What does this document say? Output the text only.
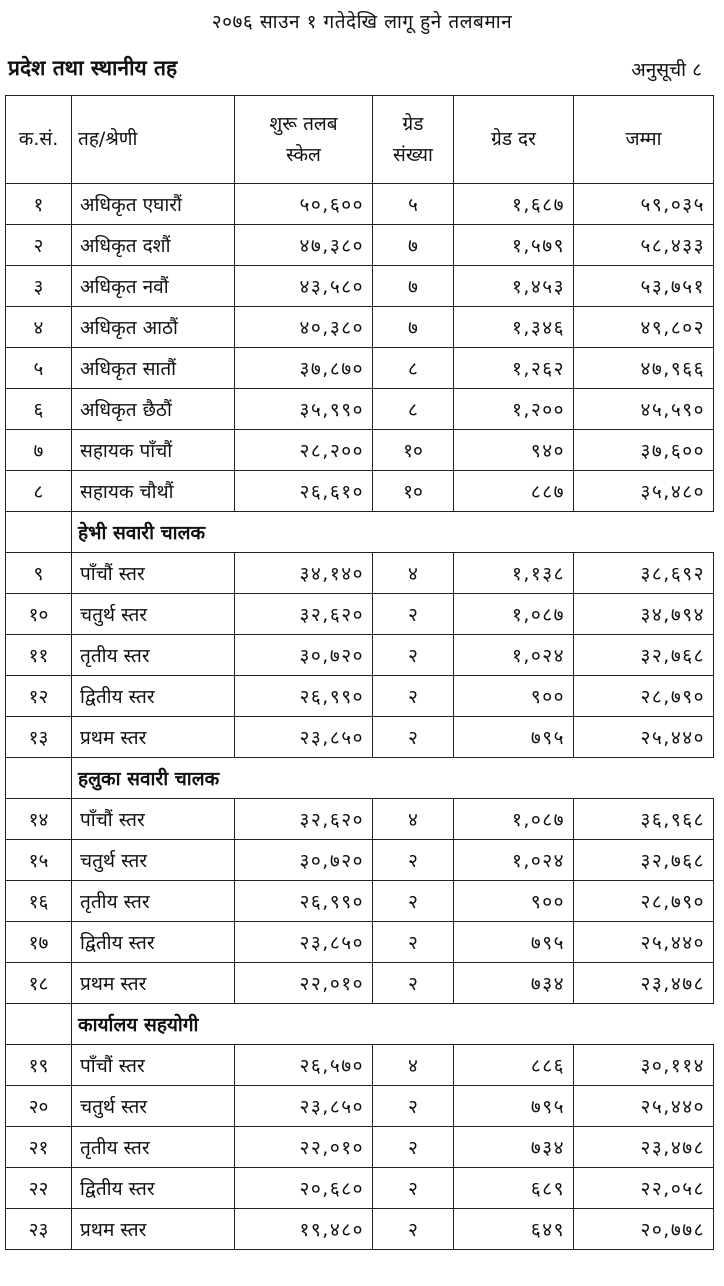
२०७६ साउन १ गतेदेखि लागू हुने तलबमान
प्रदेश तथा स्थानीय तह	अनुसूची ८
क.सं.	तह/श्रेणी	शुरू तलब स्केल	ग्रेड संख्या	ग्रेड दर	जम्मा
१	अधिकृत एघारौं	५०,६००	५	१,६८७	५९,०३५
२	अधिकृत दशौं	४७,३८०	७	१,५७९	५८,४३३
३	अधिकृत नवौं	४३,५८०	७	१,४५३	५३,७५१
४	अधिकृत आठौं	४०,३८०	७	१,३४६	४९,८०२
५	अधिकृत सातौं	३७,८७०	८	१,२६२	४७,९६६
६	अधिकृत छैठौं	३५,९९०	८	१,२००	४५,५९०
७	सहायक पाँचौं	२८,२००	१०	९४०	३७,६००
८	सहायक चौथौं	२६,६१०	१०	८८७	३५,४८०
	हेभी सवारी चालक				
९	पाँचौं स्तर	३४,१४०	४	१,१३८	३८,६९२
१०	चतुर्थ स्तर	३२,६२०	२	१,०८७	३४,७९४
११	तृतीय स्तर	३०,७२०	२	१,०२४	३२,७६८
१२	द्वितीय स्तर	२६,९९०	२	९००	२८,७९०
१३	प्रथम स्तर	२३,८५०	२	७९५	२५,४४०
	हलुका सवारी चालक				
१४	पाँचौं स्तर	३२,६२०	४	१,०८७	३६,९६८
१५	चतुर्थ स्तर	३०,७२०	२	१,०२४	३२,७६८
१६	तृतीय स्तर	२६,९९०	२	९००	२८,७९०
१७	द्वितीय स्तर	२३,८५०	२	७९५	२५,४४०
१८	प्रथम स्तर	२२,०१०	२	७३४	२३,४७८
	कार्यालय सहयोगी				
१९	पाँचौं स्तर	२६,५७०	४	८८६	३०,११४
२०	चतुर्थ स्तर	२३,८५०	२	७९५	२५,४४०
२१	तृतीय स्तर	२२,०१०	२	७३४	२३,४७८
२२	द्वितीय स्तर	२०,६८०	२	६८९	२२,०५८
२३	प्रथम स्तर	१९,४८०	२	६४९	२०,७७८
